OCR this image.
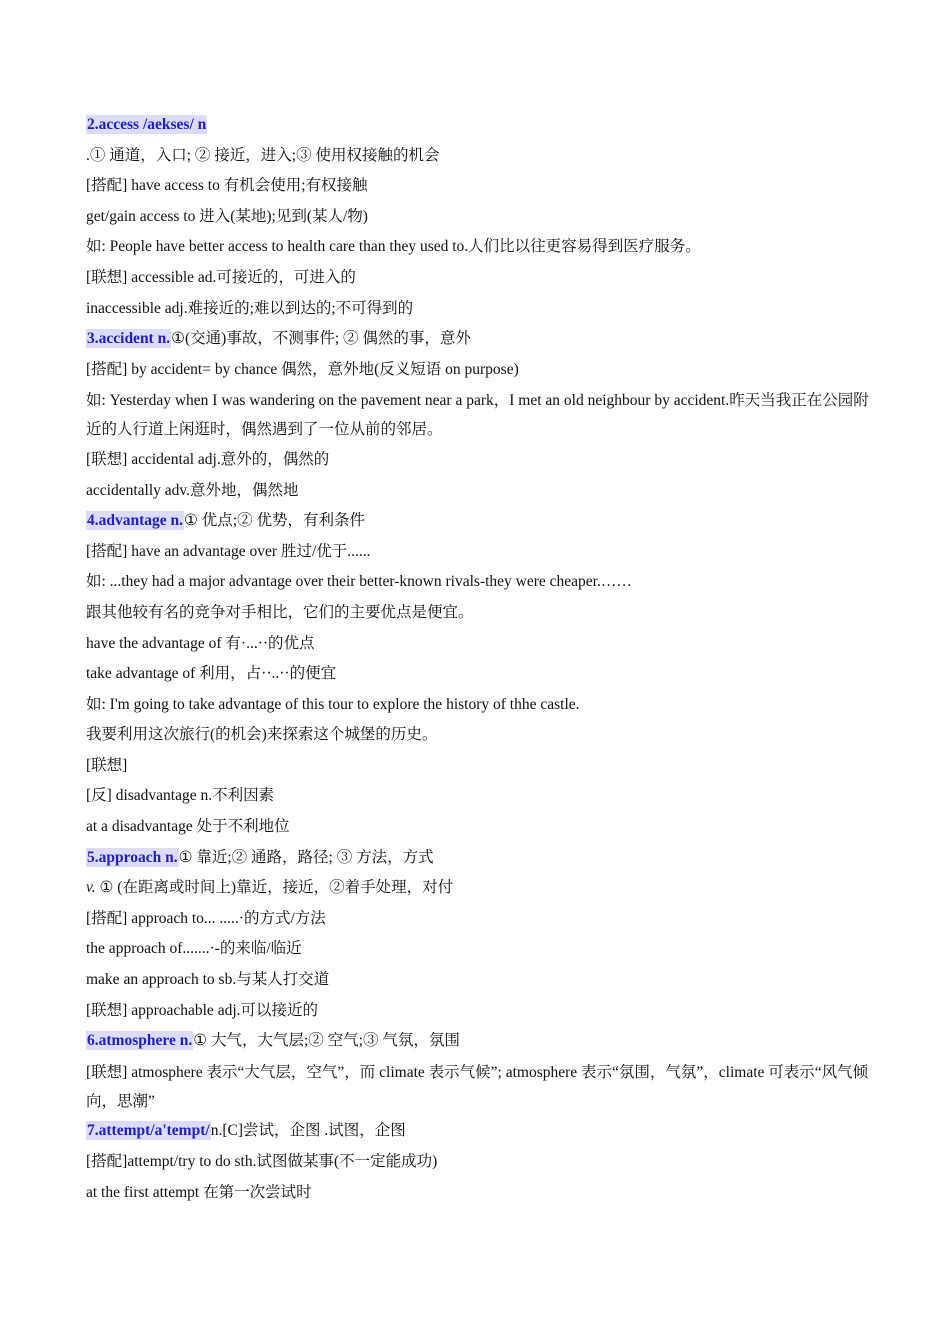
2.access /aekses/ n
.① 通道，入口; ② 接近，进入;③ 使用权接触的机会
[搭配] have access to 有机会使用;有权接触
get/gain access to 进入(某地);见到(某人/物)
如: People have better access to health care than they used to.人们比以往更容易得到医疗服务。
[联想] accessible ad.可接近的，可进入的
inaccessible adj.难接近的;难以到达的;不可得到的
3.accident n.①(交通)事故，不测事件; ② 偶然的事，意外
[搭配] by accident= by chance 偶然，意外地(反义短语 on purpose)
如: Yesterday when I was wandering on the pavement near a park，I met an old neighbour by accident.昨天当我正在公园附近的人行道上闲逛时，偶然遇到了一位从前的邻居。
[联想] accidental adj.意外的，偶然的
accidentally adv.意外地，偶然地
4.advantage n.① 优点;② 优势，有利条件
[搭配] have an advantage over 胜过/优于......
如: ...they had a major advantage over their better-known rivals-they were cheaper.……
跟其他较有名的竞争对手相比，它们的主要优点是便宜。
have the advantage of 有·...··的优点
take advantage of 利用，占··..··的便宜
如: I'm going to take advantage of this tour to explore the history of thhe castle.
我要利用这次旅行(的机会)来探索这个城堡的历史。
[联想]
[反] disadvantage n.不利因素
at a disadvantage 处于不利地位
5.approach n.① 靠近;② 通路，路径; ③ 方法，方式
v. ① (在距离或时间上)靠近，接近，②着手处理，对付
[搭配] approach to... .....·的方式/方法
the approach of.......·-的来临/临近
make an approach to sb.与某人打交道
[联想] approachable adj.可以接近的
6.atmosphere n.① 大气，大气层;② 空气;③ 气氛，氛围
[联想] atmosphere 表示“大气层，空气”，而 climate 表示气候”; atmosphere 表示“氛围，气氛”，climate 可表示“风气倾向，思潮”
7.attempt/a'tempt/n.[C]尝试，企图 .试图，企图
[搭配]attempt/try to do sth.试图做某事(不一定能成功)
at the first attempt 在第一次尝试时
